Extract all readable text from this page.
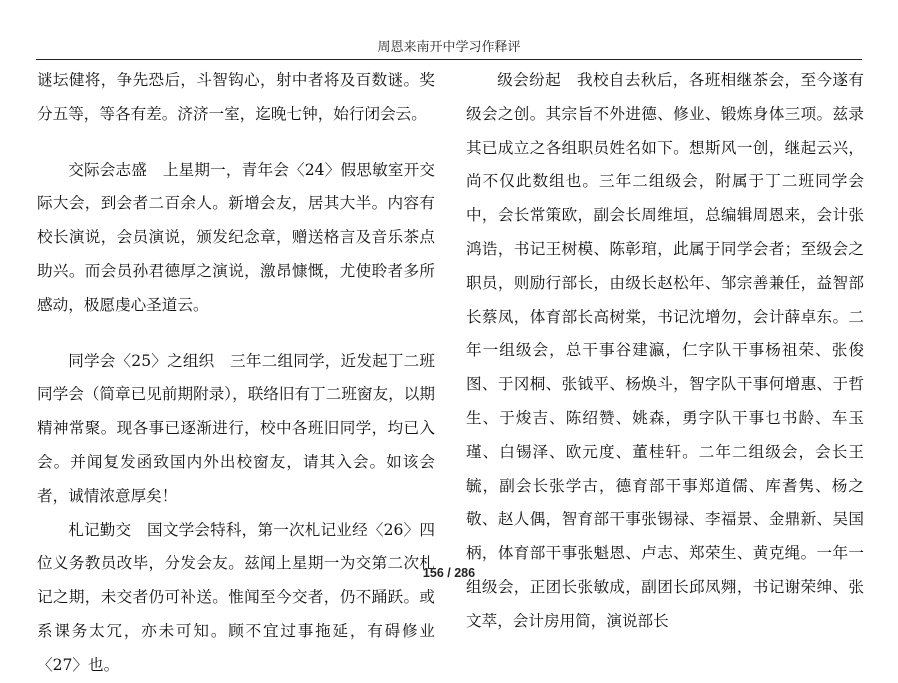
周恩来南开中学习作释评

谜坛健将，争先恐后，斗智钩心，射中者将及百数谜。奖分五等，等各有差。济济一室，迄晚七钟，始行闭会云。

交际会志盛　上星期一，青年会〈24〉假思敏室开交际大会，到会者二百余人。新增会友，居其大半。内容有校长演说，会员演说，颁发纪念章，赠送格言及音乐茶点助兴。而会员孙君德厚之演说，激昂慷慨，尤使聆者多所感动，极愿虔心圣道云。

同学会〈25〉之组织　三年二组同学，近发起丁二班同学会（简章已见前期附录），联络旧有丁二班窗友，以期精神常聚。现各事已逐渐进行，校中各班旧同学，均已入会。并闻复发函致国内外出校窗友，请其入会。如该会者，诚情浓意厚矣！

札记勤交　国文学会特科，第一次札记业经〈26〉四位义务教员改毕，分发会友。兹闻上星期一为交第二次札记之期，未交者仍可补送。惟闻至今交者，仍不踊跃。或系课务太冗，亦未可知。顾不宜过事拖延，有碍修业〈27〉也。

级会纷起　我校自去秋后，各班相继茶会，至今遂有级会之创。其宗旨不外进德、修业、锻炼身体三项。兹录其已成立之各组职员姓名如下。想斯风一创，继起云兴，尚不仅此数组也。三年二组级会，附属于丁二班同学会中，会长常策欧，副会长周维垣，总编辑周恩来，会计张鸿诰，书记王树模、陈彰琯，此属于同学会者；至级会之职员，则励行部长，由级长赵松年、邹宗善兼任，益智部长蔡凤，体育部长高树棠，书记沈增勿，会计薛卓东。二年一组级会，总干事谷建瀛，仁字队干事杨祖荣、张俊图、于冈桐、张钺平、杨焕斗，智字队干事何增惠、于哲生、于焌吉、陈绍赞、姚森，勇字队干事乜书龄、车玉瑾、白锡泽、欧元度、董桂轩。二年二组级会，会长王毓，副会长张学古，德育部干事郑道儒、库耆隽、杨之敬、赵人偶，智育部干事张锡禄、李福景、金鼎新、吴国柄，体育部干事张魁恩、卢志、郑荣生、黄克绳。一年一组级会，正团长张敏成，副团长邱凤翙，书记谢荣绅、张文萃，会计房用简，演说部长

156 / 286
